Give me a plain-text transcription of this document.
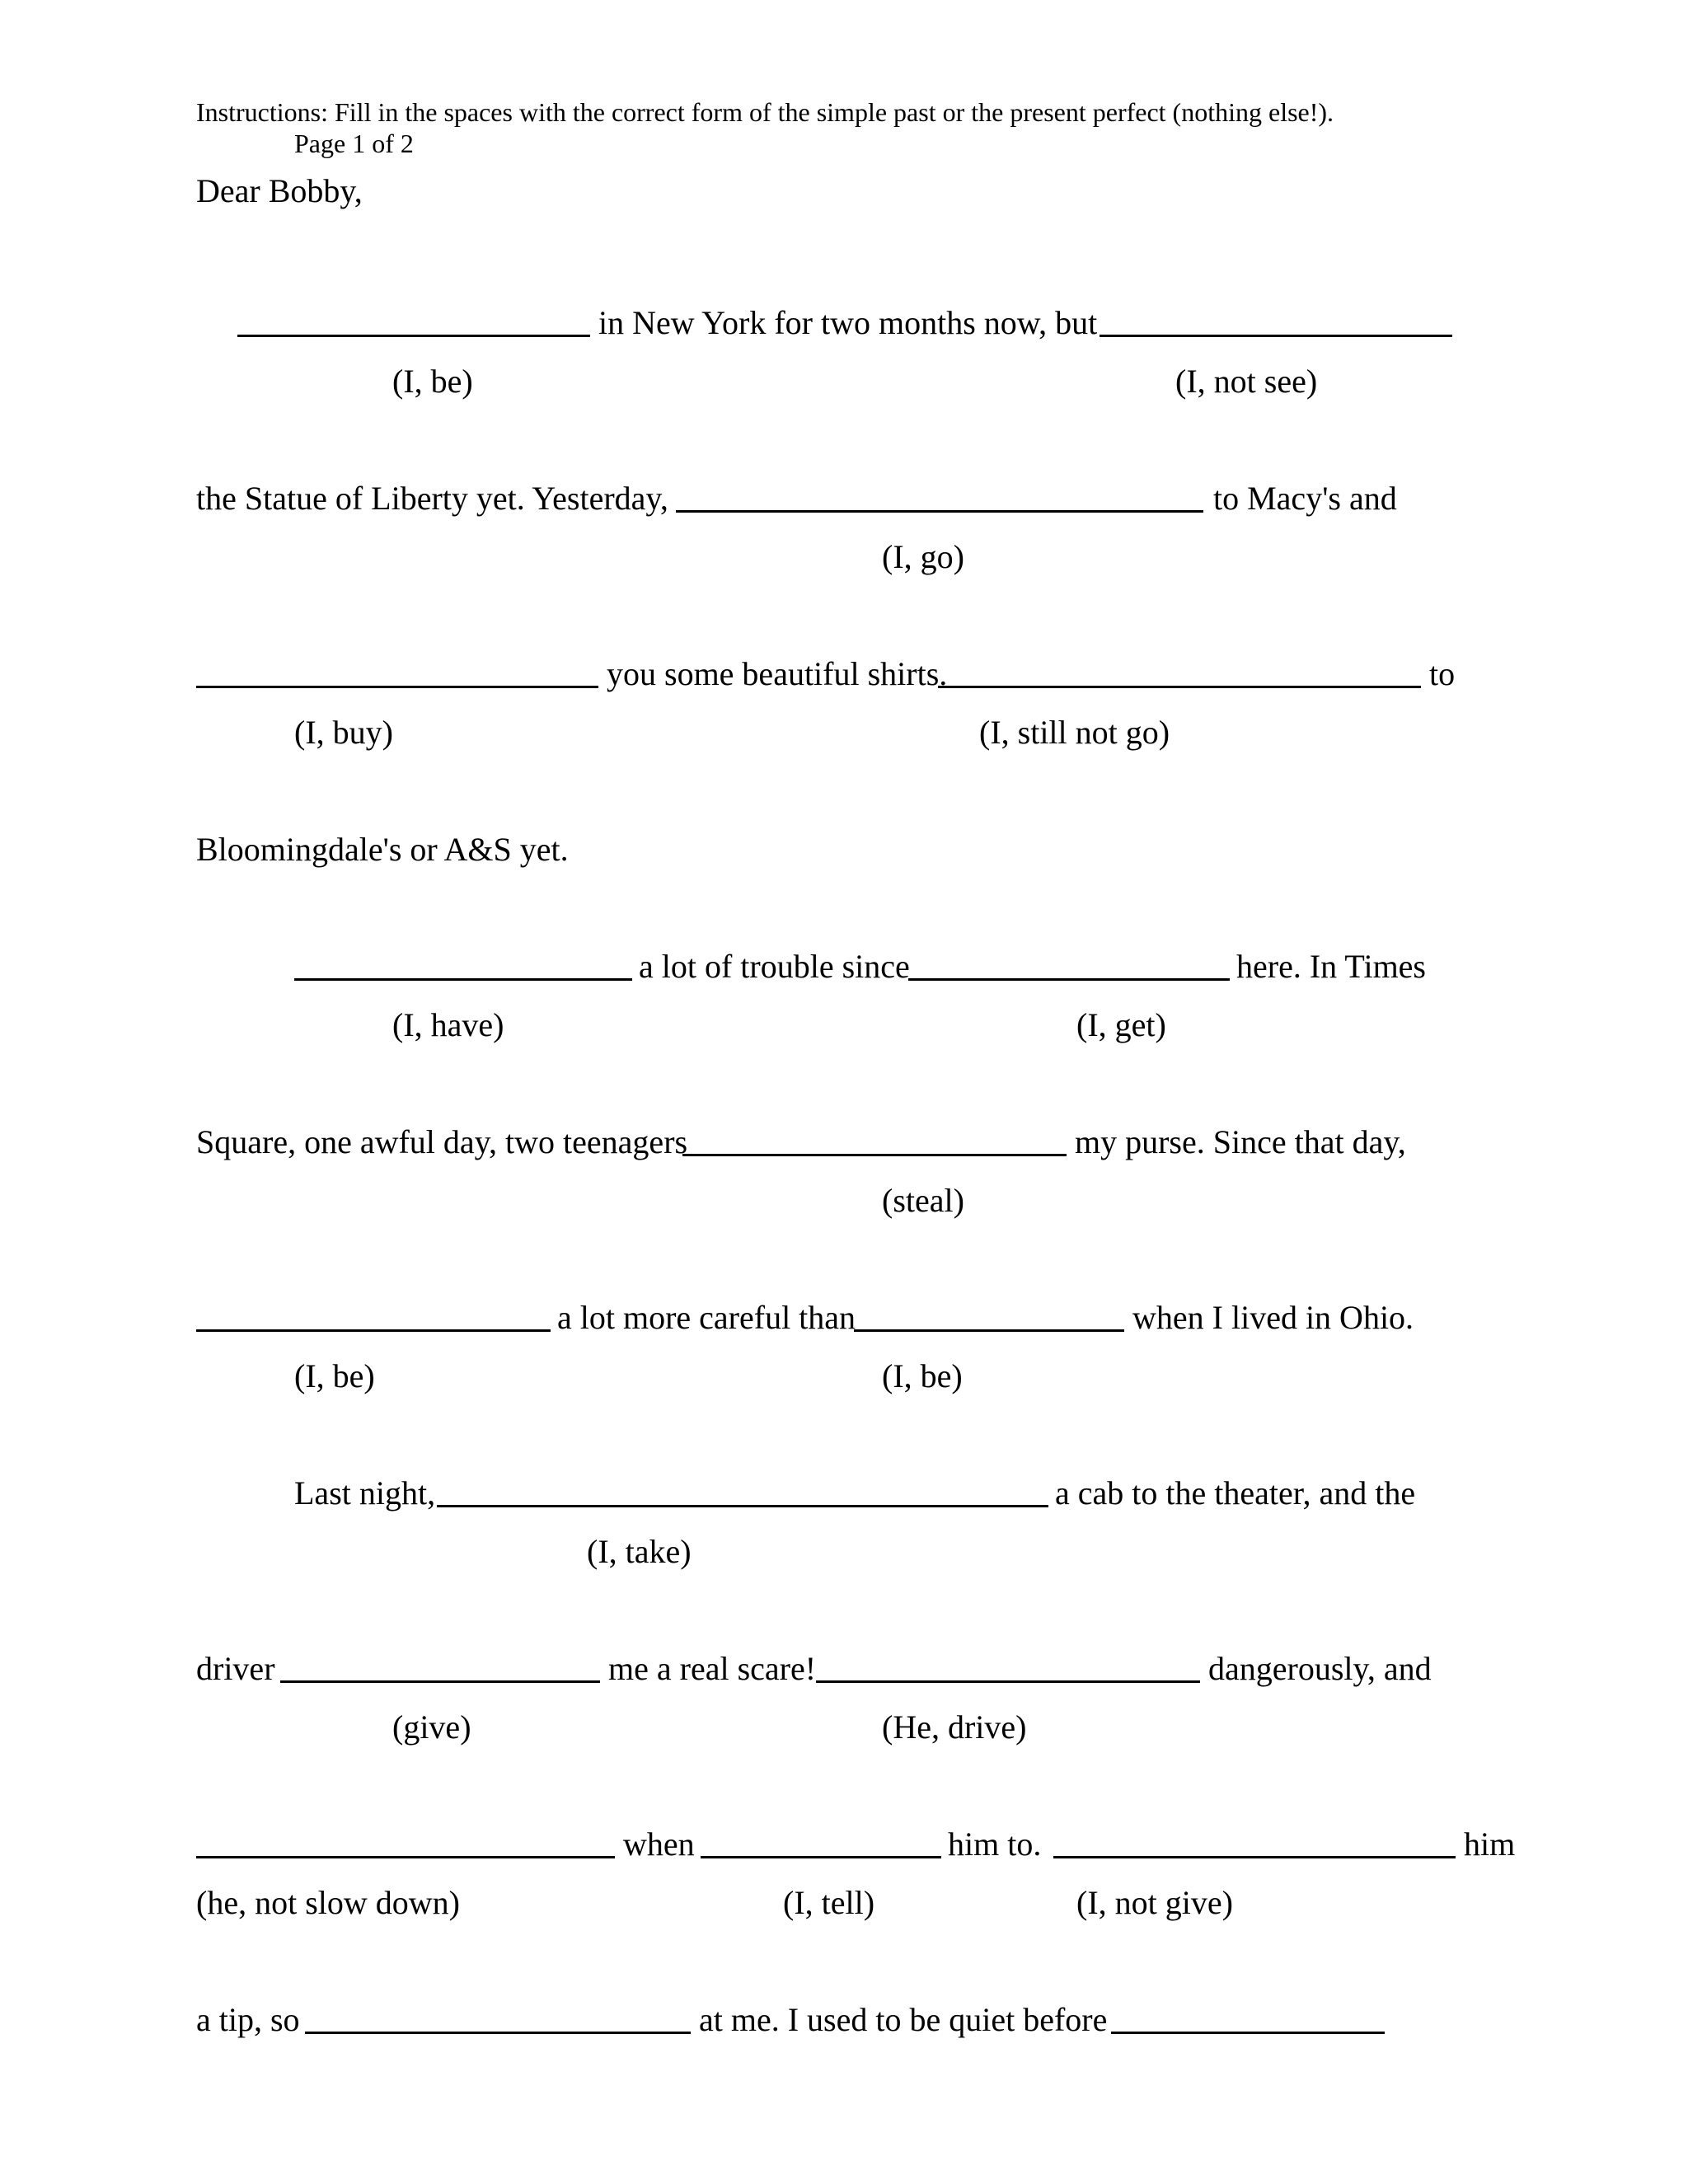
Instructions: Fill in the spaces with the correct form of the simple past or the present perfect (nothing else!).
Page 1 of 2
Dear Bobby,
in New York for two months now, but
(I, be)	(I, not see)
the Statue of Liberty yet. Yesterday,	to Macy's and
(I, go)
you some beautiful shirts.	to
(I, buy)	(I, still not go)
Bloomingdale's or A&S yet.
a lot of trouble since	here. In Times
(I, have)	(I, get)
Square, one awful day, two teenagers	my purse. Since that day,
(steal)
a lot more careful than	when I lived in Ohio.
(I, be)	(I, be)
Last night,	a cab to the theater, and the
(I, take)
driver	me a real scare!	dangerously, and
(give)	(He, drive)
when	him to.	him
(he, not slow down)	(I, tell)	(I, not give)
a tip, so	at me. I used to be quiet before
